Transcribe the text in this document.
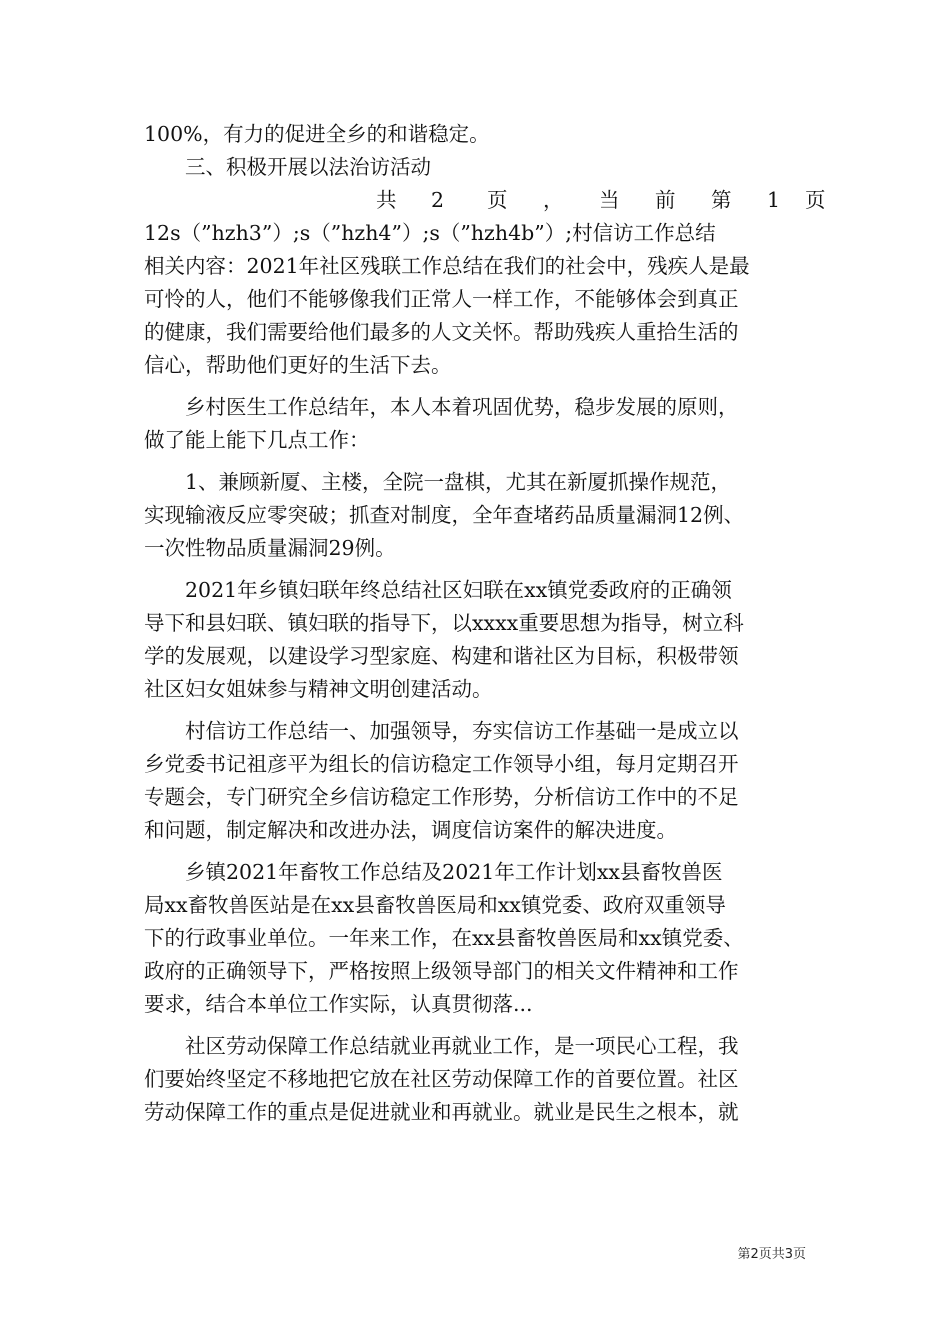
100%，有力的促进全乡的和谐稳定。
三、积极开展以法治访活动
共 2 页 ， 当 前 第 1 页
12s（”hzh3”）;s（”hzh4”）;s（”hzh4b”）;村信访工作总结
相关内容：2021年社区残联工作总结在我们的社会中，残疾人是最
可怜的人，他们不能够像我们正常人一样工作，不能够体会到真正
的健康，我们需要给他们最多的人文关怀。帮助残疾人重拾生活的
信心，帮助他们更好的生活下去。
乡村医生工作总结年，本人本着巩固优势，稳步发展的原则，
做了能上能下几点工作：
1、兼顾新厦、主楼，全院一盘棋，尤其在新厦抓操作规范，
实现输液反应零突破；抓查对制度，全年查堵药品质量漏洞12例、
一次性物品质量漏洞29例。
2021年乡镇妇联年终总结社区妇联在xx镇党委政府的正确领
导下和县妇联、镇妇联的指导下，以xxxx重要思想为指导，树立科
学的发展观，以建设学习型家庭、构建和谐社区为目标，积极带领
社区妇女姐妹参与精神文明创建活动。
村信访工作总结一、加强领导，夯实信访工作基础一是成立以
乡党委书记祖彦平为组长的信访稳定工作领导小组，每月定期召开
专题会，专门研究全乡信访稳定工作形势，分析信访工作中的不足
和问题，制定解决和改进办法，调度信访案件的解决进度。
乡镇2021年畜牧工作总结及2021年工作计划xx县畜牧兽医
局xx畜牧兽医站是在xx县畜牧兽医局和xx镇党委、政府双重领导
下的行政事业单位。一年来工作，在xx县畜牧兽医局和xx镇党委、
政府的正确领导下，严格按照上级领导部门的相关文件精神和工作
要求，结合本单位工作实际，认真贯彻落...
社区劳动保障工作总结就业再就业工作，是一项民心工程，我
们要始终坚定不移地把它放在社区劳动保障工作的首要位置。社区
劳动保障工作的重点是促进就业和再就业。就业是民生之根本，就
第2页共3页
